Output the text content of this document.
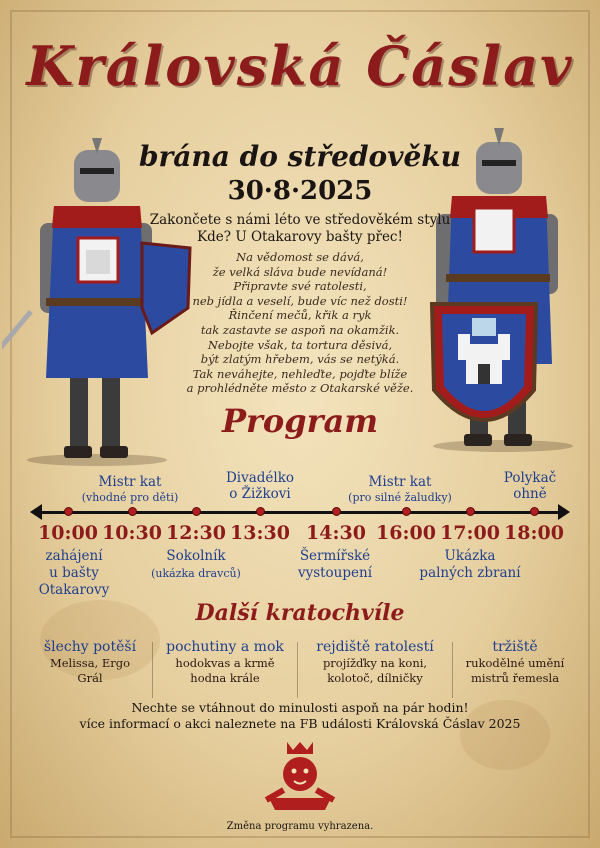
Královská Čáslav
brána do středověku
30·8·2025
Zakončete s námi léto ve středověkém stylu
Kde? U Otakarovy bašty přec!
Na vědomost se dává,
že velká sláva bude nevídaná!
Připravte své ratolesti,
neb jídla a veselí, bude víc než dosti!
Řinčení mečů, křik a ryk
tak zastavte se aspoň na okamžik.
Nebojte však, ta tortura děsivá,
být zlatým hřebem, vás se netýká.
Tak neváhejte, nehleďte, pojďte blíže
a prohlédněte město z Otakarské věže.
Program
Mistr kat
(vhodné pro děti)
Divadélko
o Žižkovi
Mistr kat
(pro silné žaludky)
Polykač
ohně
10:00 10:30 12:30 13:30 14:30 16:00 17:00 18:00
zahájení
u bašty
Otakarovy
Sokolník
(ukázka dravců)
Šermířské
vystoupení
Ukázka
palných zbraní
Další kratochvíle
šlechy potěší
Melissa, Ergo
Grál
pochutiny a mok
hodokvas a krmě
hodna krále
rejdiště ratolestí
projížďky na koni,
kolotoč, dílničky
tržiště
rukodělné umění
mistrů řemesla
Nechte se vtáhnout do minulosti aspoň na pár hodin!
více informací o akci naleznete na FB události Královská Čáslav 2025
Změna programu vyhrazena.
